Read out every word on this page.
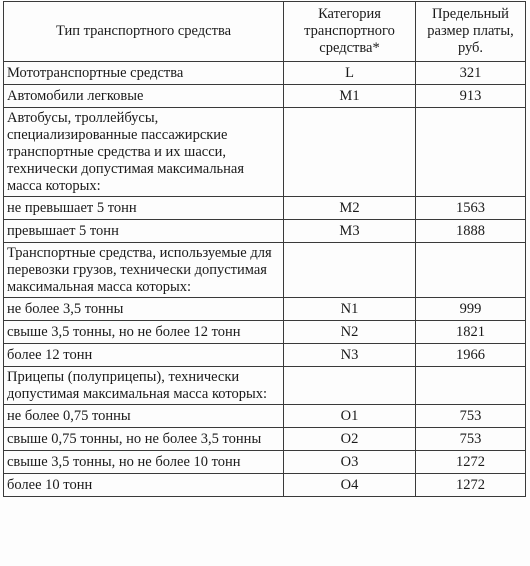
Тип транспортного средства	Категория транспортного средства*	Предельный размер платы, руб.
Мототранспортные средства	L	321
Автомобили легковые	M1	913
Автобусы, троллейбусы, специализированные пассажирские транспортные средства и их шасси, технически допустимая максимальная масса которых:		
не превышает 5 тонн	M2	1563
превышает 5 тонн	M3	1888
Транспортные средства, используемые для перевозки грузов, технически допустимая максимальная масса которых:		
не более 3,5 тонны	N1	999
свыше 3,5 тонны, но не более 12 тонн	N2	1821
более 12 тонн	N3	1966
Прицепы (полуприцепы), технически допустимая максимальная масса которых:		
не более 0,75 тонны	O1	753
свыше 0,75 тонны, но не более 3,5 тонны	O2	753
свыше 3,5 тонны, но не более 10 тонн	O3	1272
более 10 тонн	O4	1272
